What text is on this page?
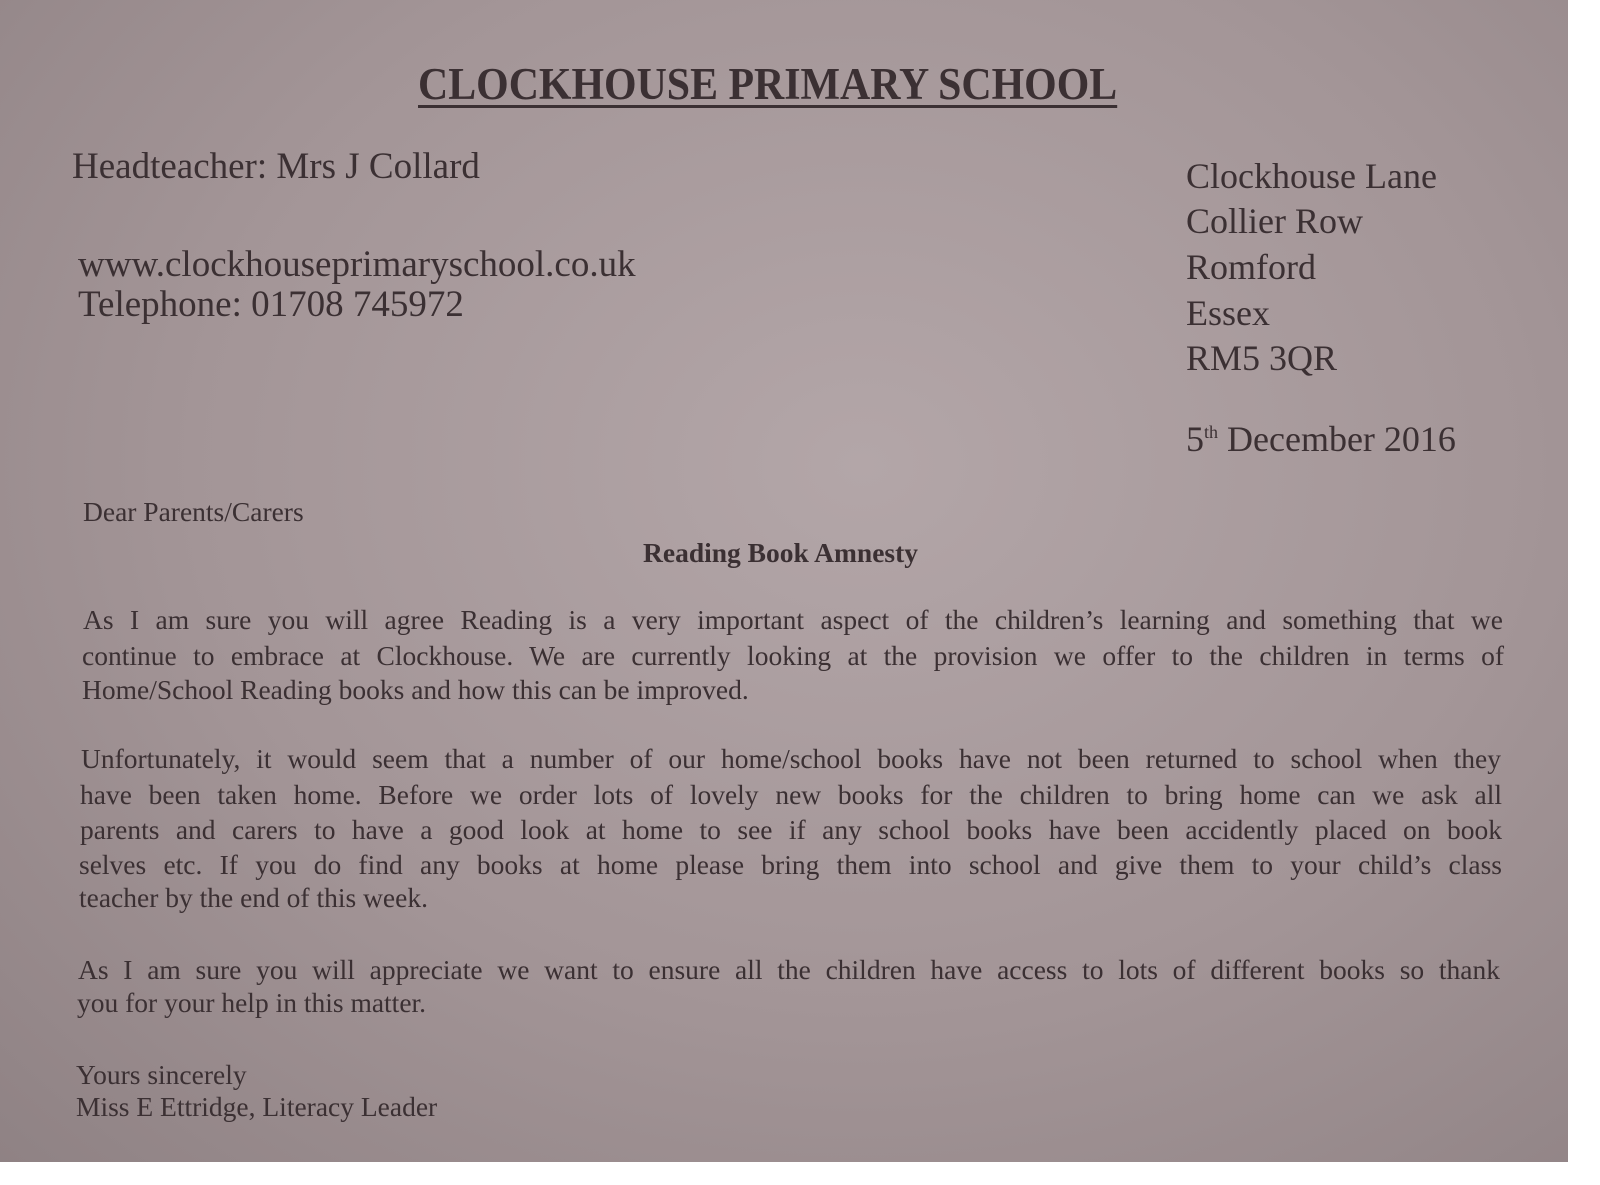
CLOCKHOUSE PRIMARY SCHOOL
Headteacher: Mrs J Collard
www.clockhouseprimaryschool.co.uk
Telephone: 01708 745972
Clockhouse Lane
Collier Row
Romford
Essex
RM5 3QR
5th December 2016
Dear Parents/Carers
Reading Book Amnesty
As I am sure you will agree Reading is a very important aspect of the children’s learning and something that we
continue to embrace at Clockhouse. We are currently looking at the provision we offer to the children in terms of
Home/School Reading books and how this can be improved.
Unfortunately, it would seem that a number of our home/school books have not been returned to school when they
have been taken home. Before we order lots of lovely new books for the children to bring home can we ask all
parents and carers to have a good look at home to see if any school books have been accidently placed on book
selves etc. If you do find any books at home please bring them into school and give them to your child’s class
teacher by the end of this week.
As I am sure you will appreciate we want to ensure all the children have access to lots of different books so thank
you for your help in this matter.
Yours sincerely
Miss E Ettridge, Literacy Leader
